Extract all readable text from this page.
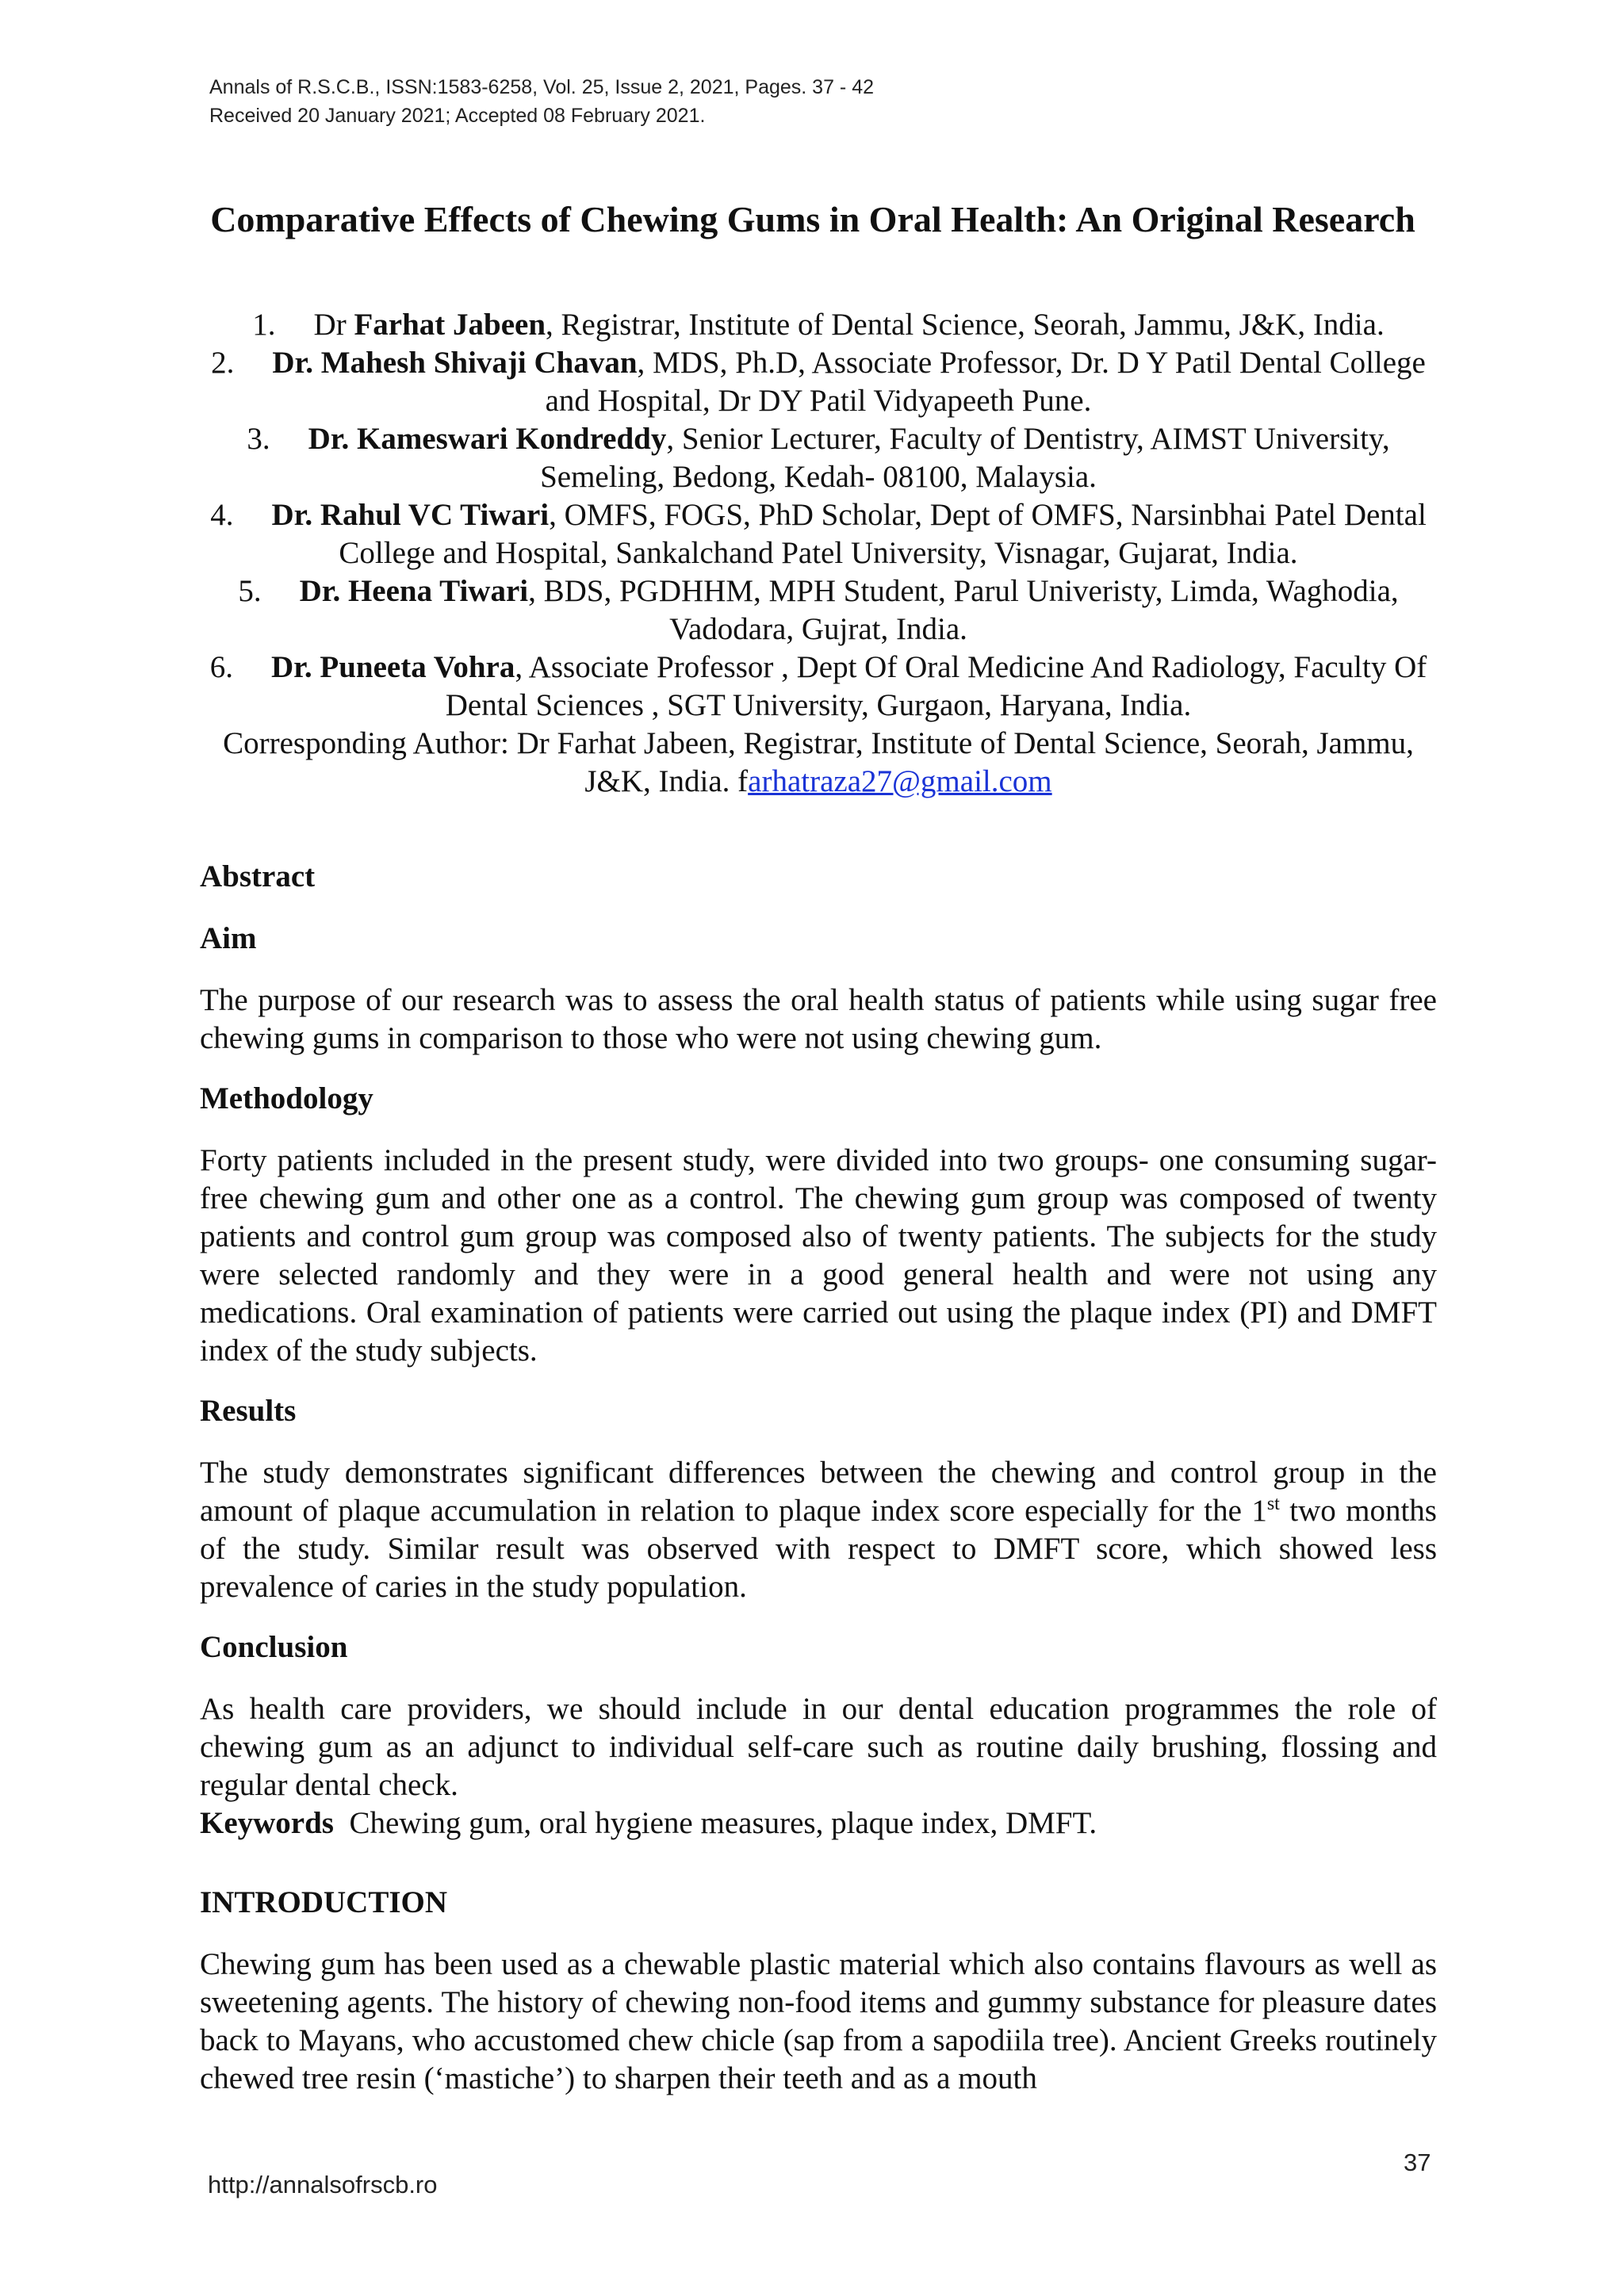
Annals of R.S.C.B., ISSN:1583-6258, Vol. 25, Issue 2, 2021, Pages. 37 - 42
Received 20 January 2021; Accepted 08 February 2021.
Comparative Effects of Chewing Gums in Oral Health: An Original Research

1. Dr Farhat Jabeen, Registrar, Institute of Dental Science, Seorah, Jammu, J&K, India.

2. Dr. Mahesh Shivaji Chavan, MDS, Ph.D, Associate Professor, Dr. D Y Patil Dental College and Hospital, Dr DY Patil Vidyapeeth Pune.

3. Dr. Kameswari Kondreddy, Senior Lecturer, Faculty of Dentistry, AIMST University, Semeling, Bedong, Kedah- 08100, Malaysia.

4. Dr. Rahul VC Tiwari, OMFS, FOGS, PhD Scholar, Dept of OMFS, Narsinbhai Patel Dental College and Hospital, Sankalchand Patel University, Visnagar, Gujarat, India.

5. Dr. Heena Tiwari, BDS, PGDHHM, MPH Student, Parul Univeristy, Limda, Waghodia, Vadodara, Gujrat, India.

6. Dr. Puneeta Vohra, Associate Professor , Dept Of Oral Medicine And Radiology, Faculty Of Dental Sciences , SGT University, Gurgaon, Haryana, India.

Corresponding Author: Dr Farhat Jabeen, Registrar, Institute of Dental Science, Seorah, Jammu, J&K, India. farhatraza27@gmail.com

Abstract

Aim

The purpose of our research was to assess the oral health status of patients while using sugar free chewing gums in comparison to those who were not using chewing gum.

Methodology

Forty patients included in the present study, were divided into two groups- one consuming sugar-free chewing gum and other one as a control. The chewing gum group was composed of twenty patients and control gum group was composed also of twenty patients. The subjects for the study were selected randomly and they were in a good general health and were not using any medications. Oral examination of patients were carried out using the plaque index (PI) and DMFT index of the study subjects.

Results

The study demonstrates significant differences between the chewing and control group in the amount of plaque accumulation in relation to plaque index score especially for the 1st two months of the study. Similar result was observed with respect to DMFT score, which showed less prevalence of caries in the study population.

Conclusion

As health care providers, we should include in our dental education programmes the role of chewing gum as an adjunct to individual self-care such as routine daily brushing, flossing and regular dental check.

Keywords  Chewing gum, oral hygiene measures, plaque index, DMFT.

INTRODUCTION

Chewing gum has been used as a chewable plastic material which also contains flavours as well as sweetening agents. The history of chewing non-food items and gummy substance for pleasure dates back to Mayans, who accustomed chew chicle (sap from a sapodiila tree). Ancient Greeks routinely chewed tree resin (‘mastiche’) to sharpen their teeth and as a mouth

http://annalsofrscb.ro
37
